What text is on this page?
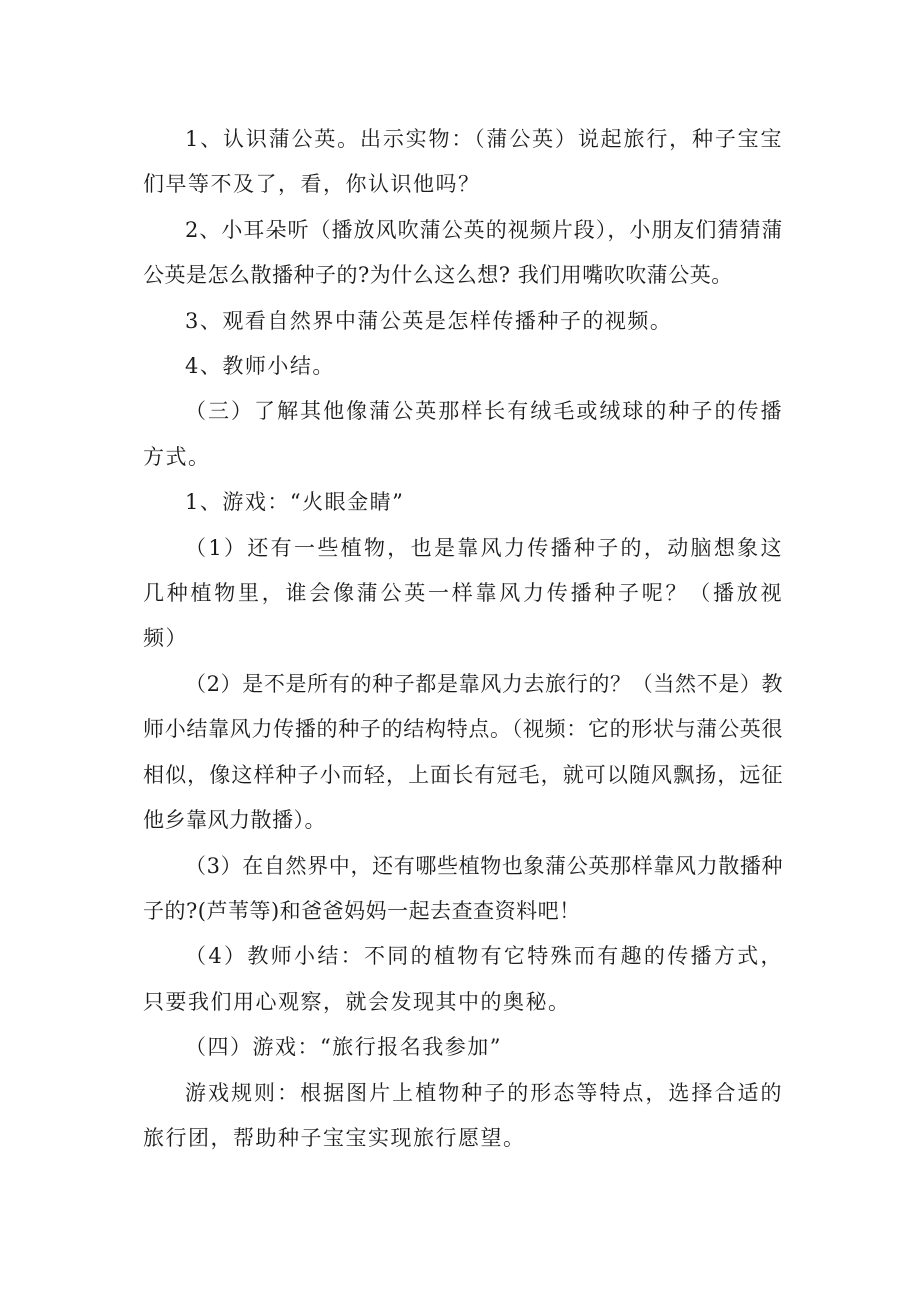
1、认识蒲公英。出示实物：（蒲公英）说起旅行，种子宝宝们早等不及了，看，你认识他吗？

2、小耳朵听（播放风吹蒲公英的视频片段），小朋友们猜猜蒲公英是怎么散播种子的?为什么这么想? 我们用嘴吹吹蒲公英。

3、观看自然界中蒲公英是怎样传播种子的视频。

4、教师小结。

（三）了解其他像蒲公英那样长有绒毛或绒球的种子的传播方式。

1、游戏：“火眼金睛”

（1）还有一些植物，也是靠风力传播种子的，动脑想象这几种植物里，谁会像蒲公英一样靠风力传播种子呢？（播放视频）

（2）是不是所有的种子都是靠风力去旅行的？（当然不是）教师小结靠风力传播的种子的结构特点。（视频：它的形状与蒲公英很相似，像这样种子小而轻，上面长有冠毛，就可以随风飘扬，远征他乡靠风力散播）。

（3）在自然界中，还有哪些植物也象蒲公英那样靠风力散播种子的?(芦苇等)和爸爸妈妈一起去查查资料吧！

（4）教师小结：不同的植物有它特殊而有趣的传播方式，只要我们用心观察，就会发现其中的奥秘。

（四）游戏：“旅行报名我参加”

游戏规则：根据图片上植物种子的形态等特点，选择合适的旅行团，帮助种子宝宝实现旅行愿望。
